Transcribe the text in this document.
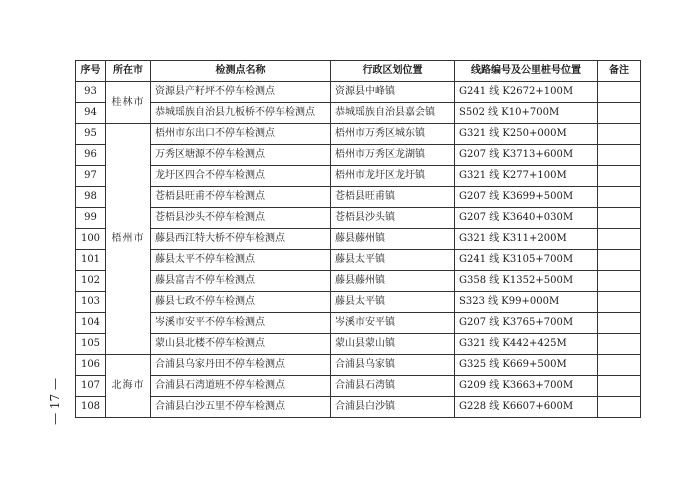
序号	所在市	检测点名称	行政区划位置	线路编号及公里桩号位置	备注
93	桂林市	资源县产籽坪不停车检测点	资源县中峰镇	G241 线 K2672+100M	
94		恭城瑶族自治县九板桥不停车检测点	恭城瑶族自治县嘉会镇	S502 线 K10+700M	
95	梧州市	梧州市东出口不停车检测点	梧州市万秀区城东镇	G321 线 K250+000M	
96		万秀区塘源不停车检测点	梧州市万秀区龙湖镇	G207 线 K3713+600M	
97		龙圩区四合不停车检测点	梧州市龙圩区龙圩镇	G321 线 K277+100M	
98		苍梧县旺甫不停车检测点	苍梧县旺甫镇	G207 线 K3699+500M	
99		苍梧县沙头不停车检测点	苍梧县沙头镇	G207 线 K3640+030M	
100		藤县西江特大桥不停车检测点	藤县藤州镇	G321 线 K311+200M	
101		藤县太平不停车检测点	藤县太平镇	G241 线 K3105+700M	
102		藤县富吉不停车检测点	藤县藤州镇	G358 线 K1352+500M	
103		藤县七政不停车检测点	藤县太平镇	S323 线 K99+000M	
104		岑溪市安平不停车检测点	岑溪市安平镇	G207 线 K3765+700M	
105		蒙山县北楼不停车检测点	蒙山县蒙山镇	G321 线 K442+425M	
106	北海市	合浦县乌家丹田不停车检测点	合浦县乌家镇	G325 线 K669+500M	
107		合浦县石湾道班不停车检测点	合浦县石湾镇	G209 线 K3663+700M	
108		合浦县白沙五里不停车检测点	合浦县白沙镇	G228 线 K6607+600M	
— 17 —
